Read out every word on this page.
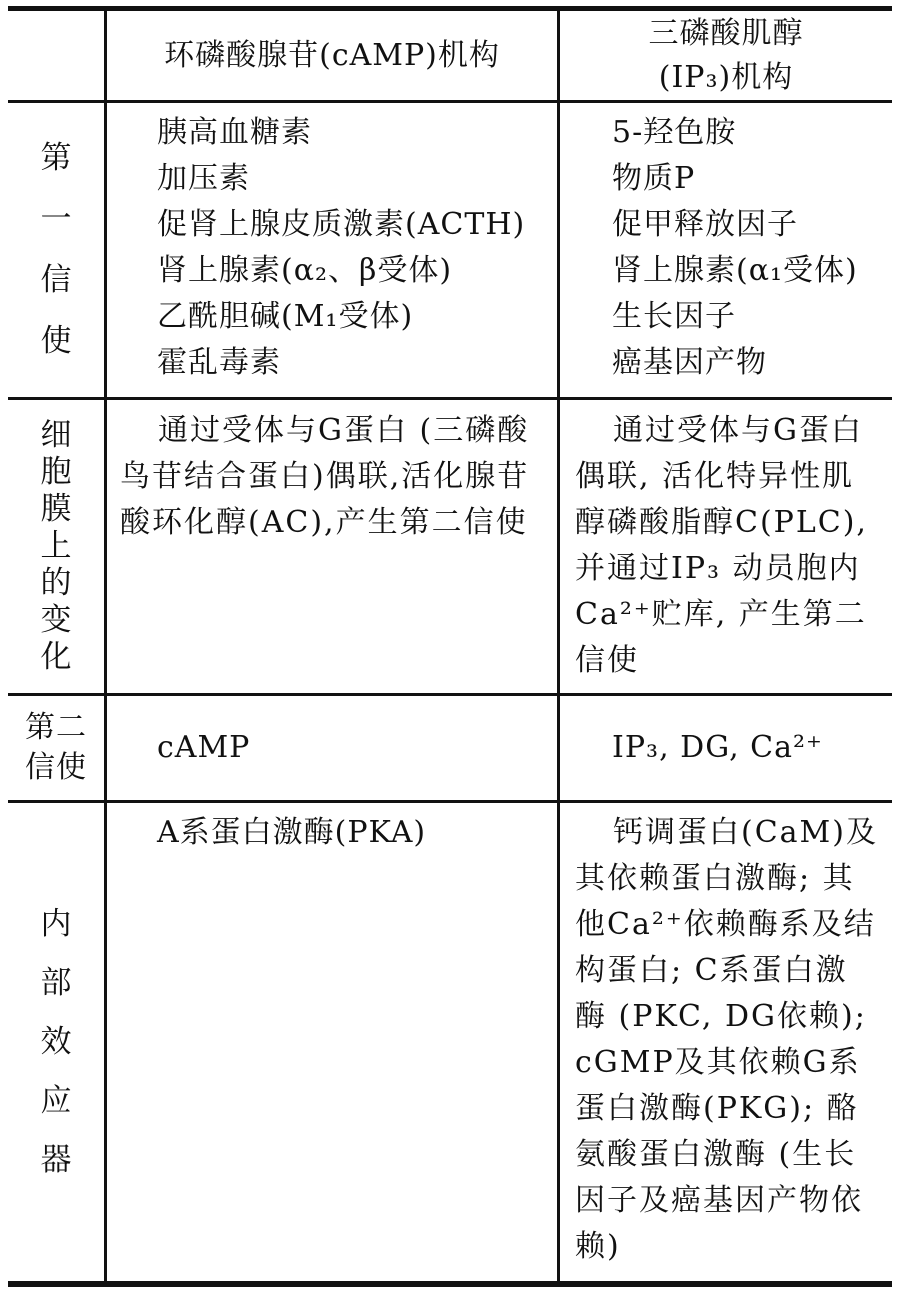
环磷酸腺苷(cAMP)机构
三磷酸肌醇
(IP₃)机构
第
一
信
使
胰高血糖素
加压素
促肾上腺皮质激素(ACTH)
肾上腺素(α₂、β受体)
乙酰胆碱(M₁受体)
霍乱毒素
5-羟色胺
物质P
促甲释放因子
肾上腺素(α₁受体)
生长因子
癌基因产物
细
胞
膜
上
的
变
化
通过受体与G蛋白 (三磷酸
鸟苷结合蛋白)偶联,活化腺苷
酸环化醇(AC),产生第二信使
通过受体与G蛋白
偶联, 活化特异性肌
醇磷酸脂醇C(PLC),
并通过IP₃ 动员胞内
Ca²⁺贮库, 产生第二
信使
第二
信使
cAMP	IP₃, DG, Ca²⁺
内
部
效
应
器
A系蛋白激酶(PKA)	钙调蛋白(CaM)及
其依赖蛋白激酶; 其
他Ca²⁺依赖酶系及结
构蛋白; C系蛋白激
酶 (PKC, DG依赖);
cGMP及其依赖G系
蛋白激酶(PKG); 酪
氨酸蛋白激酶 (生长
因子及癌基因产物依
赖)
